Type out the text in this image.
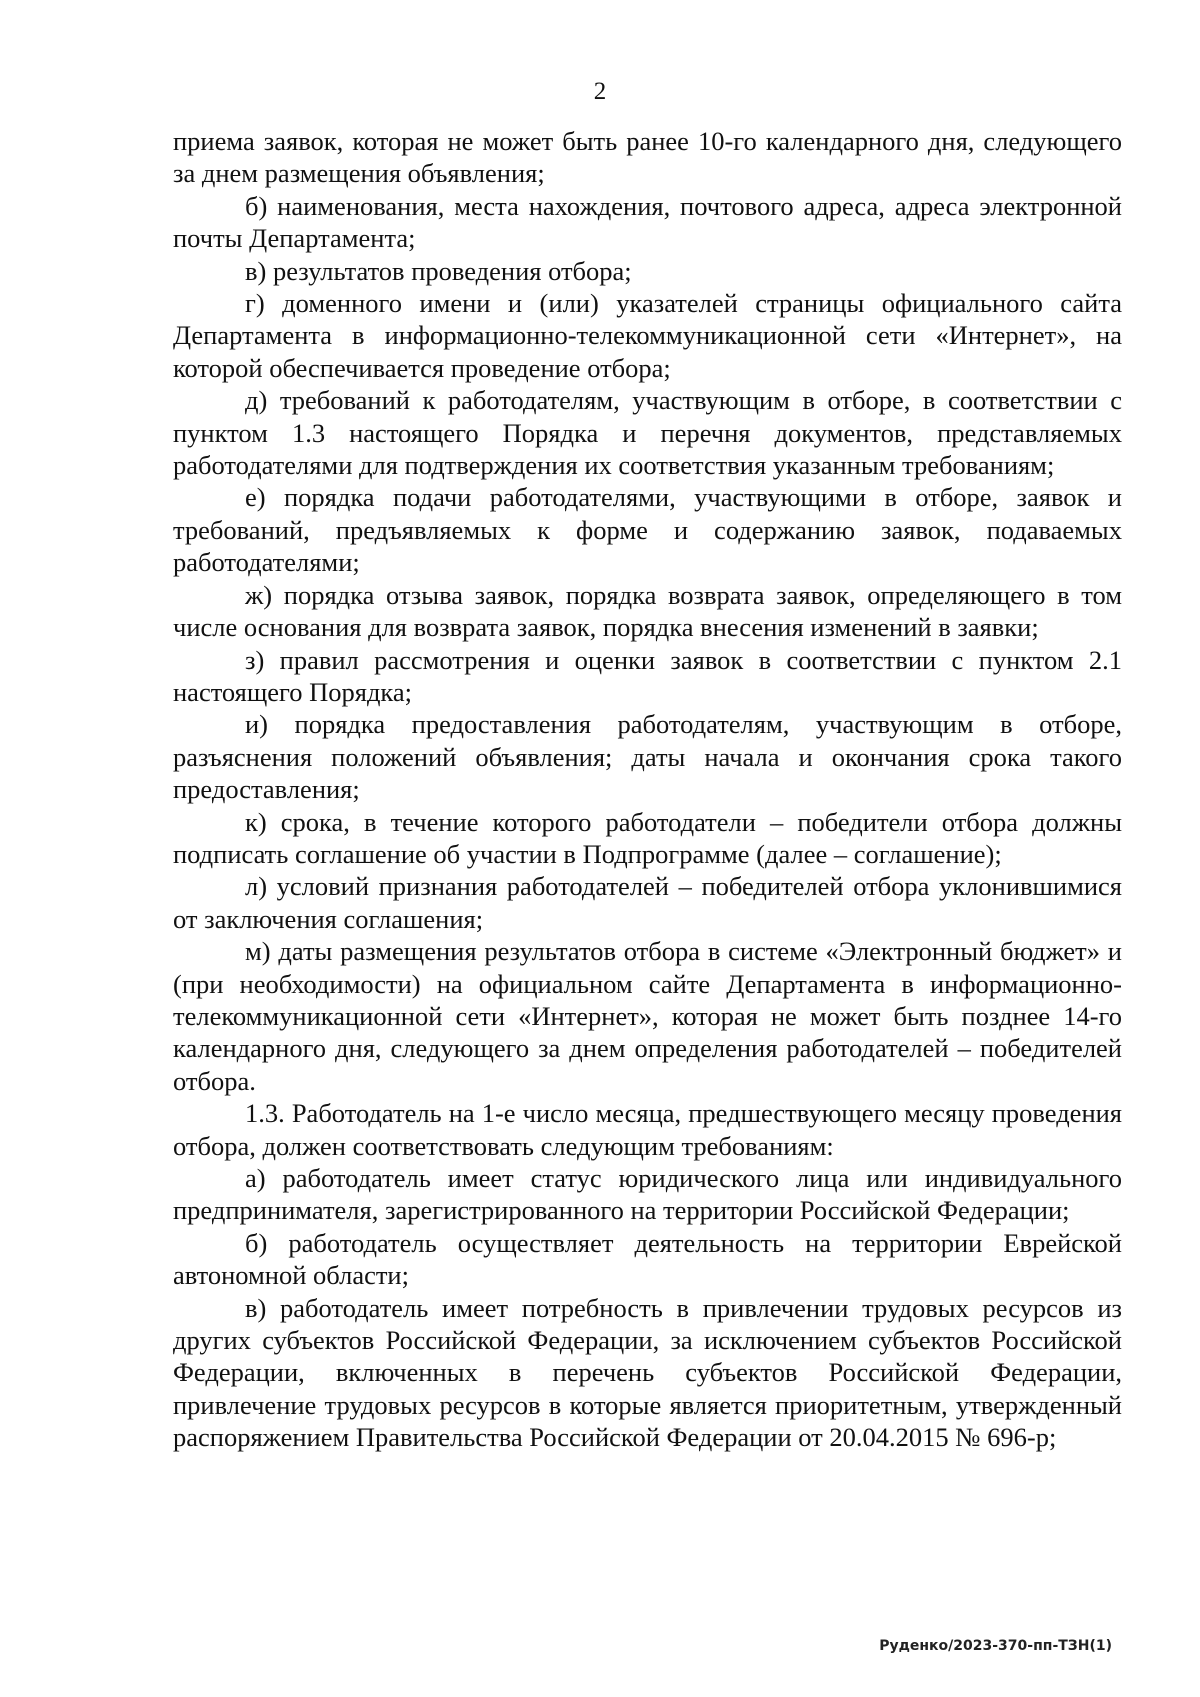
2

приема заявок, которая не может быть ранее 10-го календарного дня, следующего за днем размещения объявления;

б) наименования, места нахождения, почтового адреса, адреса электронной почты Департамента;

в) результатов проведения отбора;

г) доменного имени и (или) указателей страницы официального сайта Департамента в информационно-телекоммуникационной сети «Интернет», на которой обеспечивается проведение отбора;

д) требований к работодателям, участвующим в отборе, в соответствии с пунктом 1.3 настоящего Порядка и перечня документов, представляемых работодателями для подтверждения их соответствия указанным требованиям;

е) порядка подачи работодателями, участвующими в отборе, заявок и требований, предъявляемых к форме и содержанию заявок, подаваемых работодателями;

ж) порядка отзыва заявок, порядка возврата заявок, определяющего в том числе основания для возврата заявок, порядка внесения изменений в заявки;

з) правил рассмотрения и оценки заявок в соответствии с пунктом 2.1 настоящего Порядка;

и) порядка предоставления работодателям, участвующим в отборе, разъяснения положений объявления; даты начала и окончания срока такого предоставления;

к) срока, в течение которого работодатели – победители отбора должны подписать соглашение об участии в Подпрограмме (далее – соглашение);

л) условий признания работодателей – победителей отбора уклонившимися от заключения соглашения;

м) даты размещения результатов отбора в системе «Электронный бюджет» и (при необходимости) на официальном сайте Департамента в информационно-телекоммуникационной сети «Интернет», которая не может быть позднее 14-го календарного дня, следующего за днем определения работодателей – победителей отбора.

1.3. Работодатель на 1-е число месяца, предшествующего месяцу проведения отбора, должен соответствовать следующим требованиям:

а) работодатель имеет статус юридического лица или индивидуального предпринимателя, зарегистрированного на территории Российской Федерации;

б) работодатель осуществляет деятельность на территории Еврейской автономной области;

в) работодатель имеет потребность в привлечении трудовых ресурсов из других субъектов Российской Федерации, за исключением субъектов Российской Федерации, включенных в перечень субъектов Российской Федерации, привлечение трудовых ресурсов в которые является приоритетным, утвержденный распоряжением Правительства Российской Федерации от 20.04.2015 № 696-р;

Руденко/2023-370-пп-ТЗН(1)
